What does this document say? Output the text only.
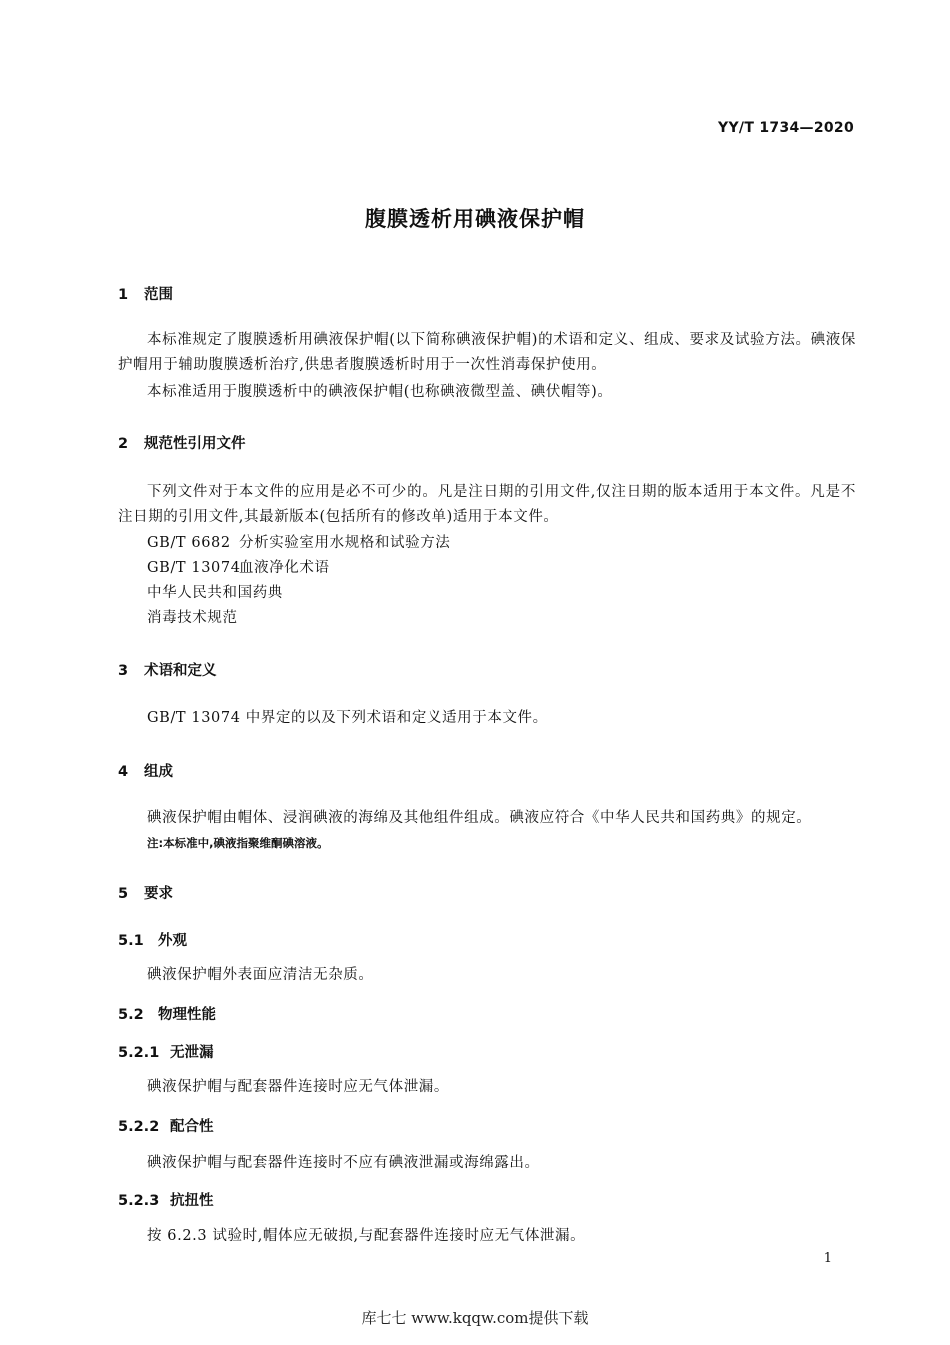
YY/T 1734—2020
腹膜透析用碘液保护帽
1 范围

本标准规定了腹膜透析用碘液保护帽(以下简称碘液保护帽)的术语和定义、组成、要求及试验方法。碘液保护帽用于辅助腹膜透析治疗,供患者腹膜透析时用于一次性消毒保护使用。

本标准适用于腹膜透析中的碘液保护帽(也称碘液微型盖、碘伏帽等)。

2 规范性引用文件

下列文件对于本文件的应用是必不可少的。凡是注日期的引用文件,仅注日期的版本适用于本文件。凡是不注日期的引用文件,其最新版本(包括所有的修改单)适用于本文件。

GB/T 6682 分析实验室用水规格和试验方法
GB/T 13074血液净化术语
中华人民共和国药典
消毒技术规范
3 术语和定义
GB/T 13074 中界定的以及下列术语和定义适用于本文件。
4 组成
碘液保护帽由帽体、浸润碘液的海绵及其他组件组成。碘液应符合《中华人民共和国药典》的规定。
注:本标准中,碘液指聚维酮碘溶液。
5 要求
5.1 外观
碘液保护帽外表面应清洁无杂质。
5.2 物理性能
5.2.1 无泄漏
碘液保护帽与配套器件连接时应无气体泄漏。
5.2.2 配合性
碘液保护帽与配套器件连接时不应有碘液泄漏或海绵露出。
5.2.3 抗扭性
按 6.2.3 试验时,帽体应无破损,与配套器件连接时应无气体泄漏。
1
库七七 www.kqqw.com提供下载
